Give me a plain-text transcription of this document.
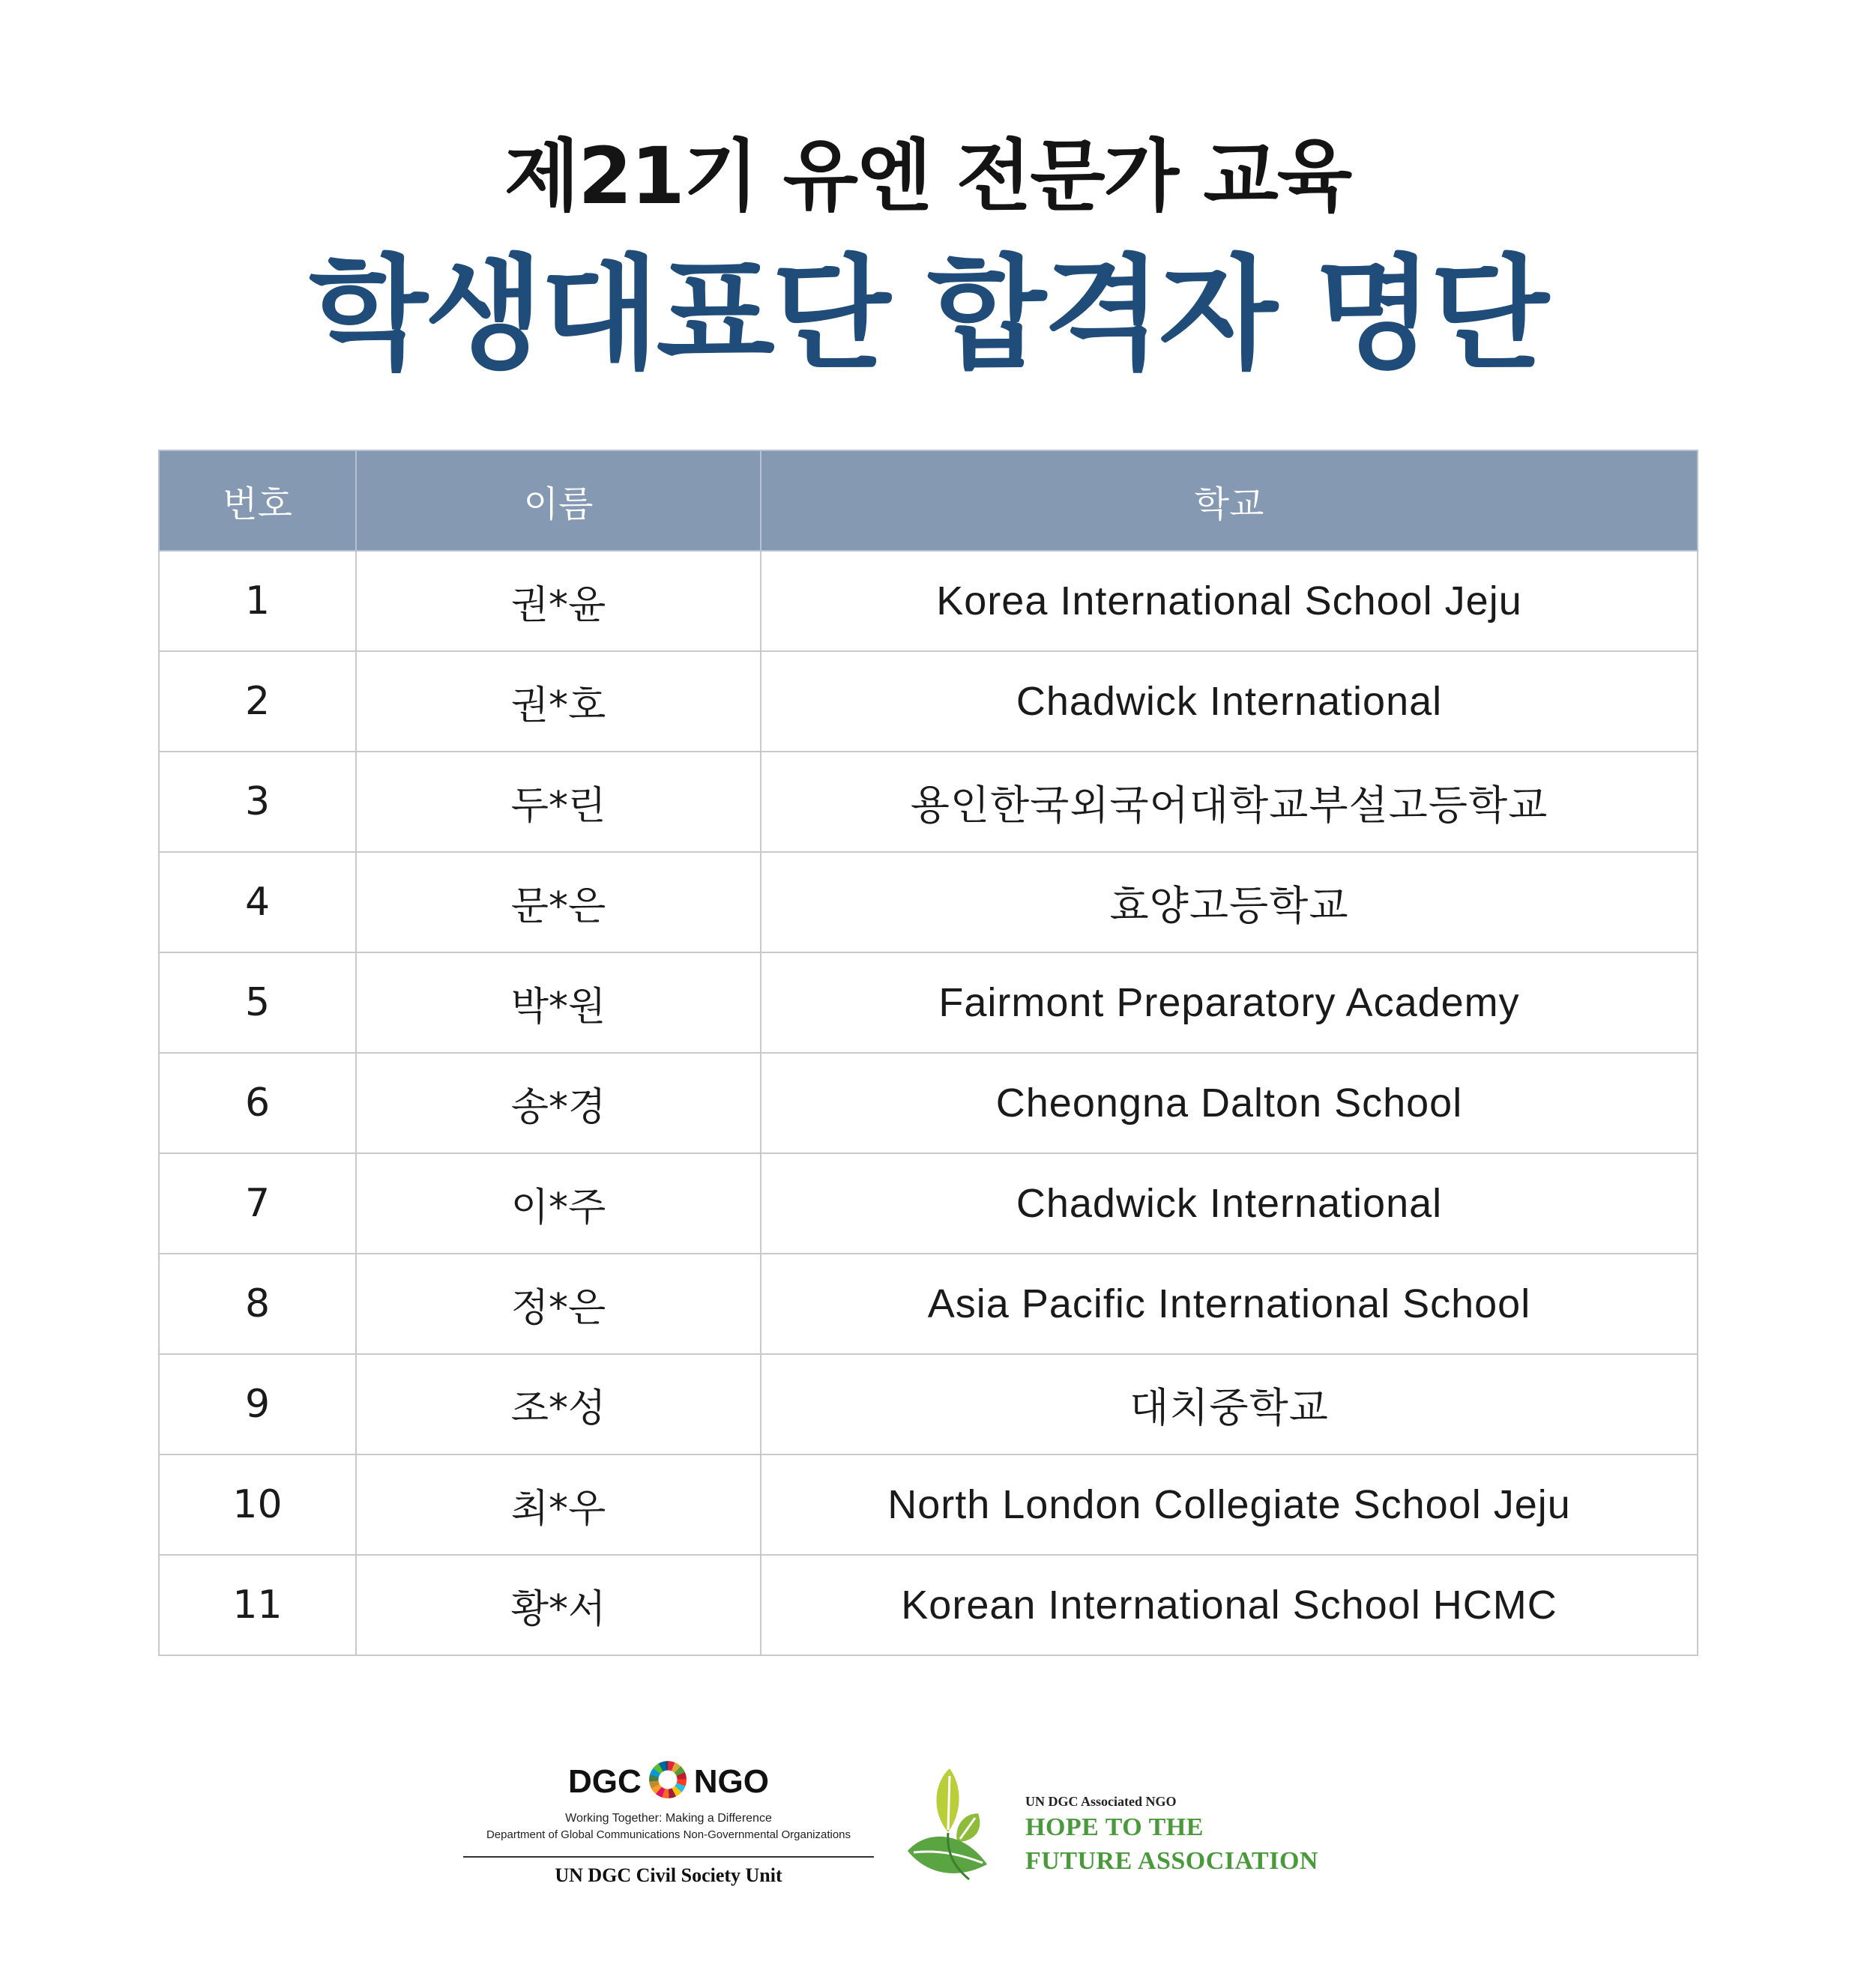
제21기 유엔 전문가 교육
학생대표단 합격자 명단
번호	이름	학교
1	권*윤	Korea International School Jeju
2	권*호	Chadwick International
3	두*린	용인한국외국어대학교부설고등학교
4	문*은	효양고등학교
5	박*원	Fairmont Preparatory Academy
6	송*경	Cheongna Dalton School
7	이*주	Chadwick International
8	정*은	Asia Pacific International School
9	조*성	대치중학교
10	최*우	North London Collegiate School Jeju
11	황*서	Korean International School HCMC
DGC NGO
Working Together: Making a Difference
Department of Global Communications Non-Governmental Organizations
UN DGC Civil Society Unit
UN DGC Associated NGO
HOPE TO THE
FUTURE ASSOCIATION
